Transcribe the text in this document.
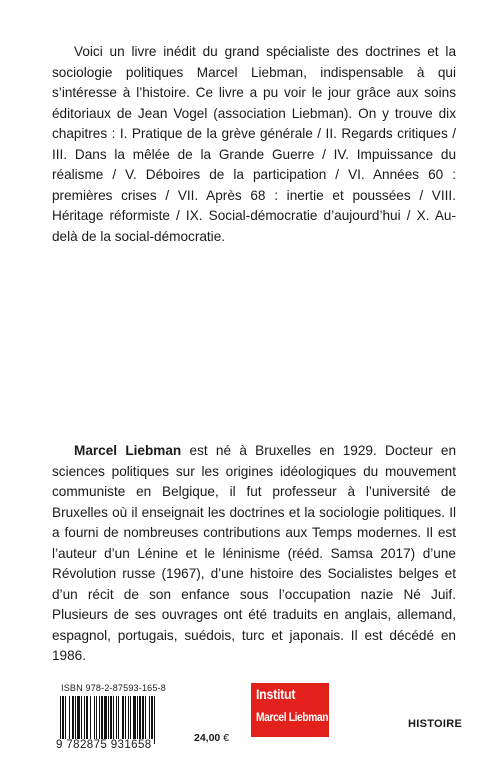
Voici un livre inédit du grand spécialiste des doctrines et la sociologie politiques Marcel Liebman, indispensable à qui s’intéresse à l’histoire. Ce livre a pu voir le jour grâce aux soins éditoriaux de Jean Vogel (association Liebman). On y trouve dix chapitres : I. Pratique de la grève générale / II. Regards critiques / III. Dans la mêlée de la Grande Guerre / IV. Impuissance du réalisme / V. Déboires de la participation / VI. Années 60 : premières crises / VII. Après 68 : inertie et poussées / VIII. Héritage réformiste / IX. Social-démocratie d’aujourd’hui / X. Au-delà de la social-démocratie.

Marcel Liebman est né à Bruxelles en 1929. Docteur en sciences politiques sur les origines idéologiques du mouvement communiste en Belgique, il fut professeur à l’université de Bruxelles où il enseignait les doctrines et la sociologie politiques. Il a fourni de nombreuses contributions aux Temps modernes. Il est l’auteur d’un Lénine et le léninisme (rééd. Samsa 2017) d’une Révolution russe (1967), d’une histoire des Socialistes belges et d’un récit de son enfance sous l’occupation nazie Né Juif. Plusieurs de ses ouvrages ont été traduits en anglais, allemand, espagnol, portugais, suédois, turc et japonais. Il est décédé en 1986.

ISBN 978-2-87593-165-8
9 782875 931658
24,00 €
Institut
Marcel Liebman	HISTOIRE
